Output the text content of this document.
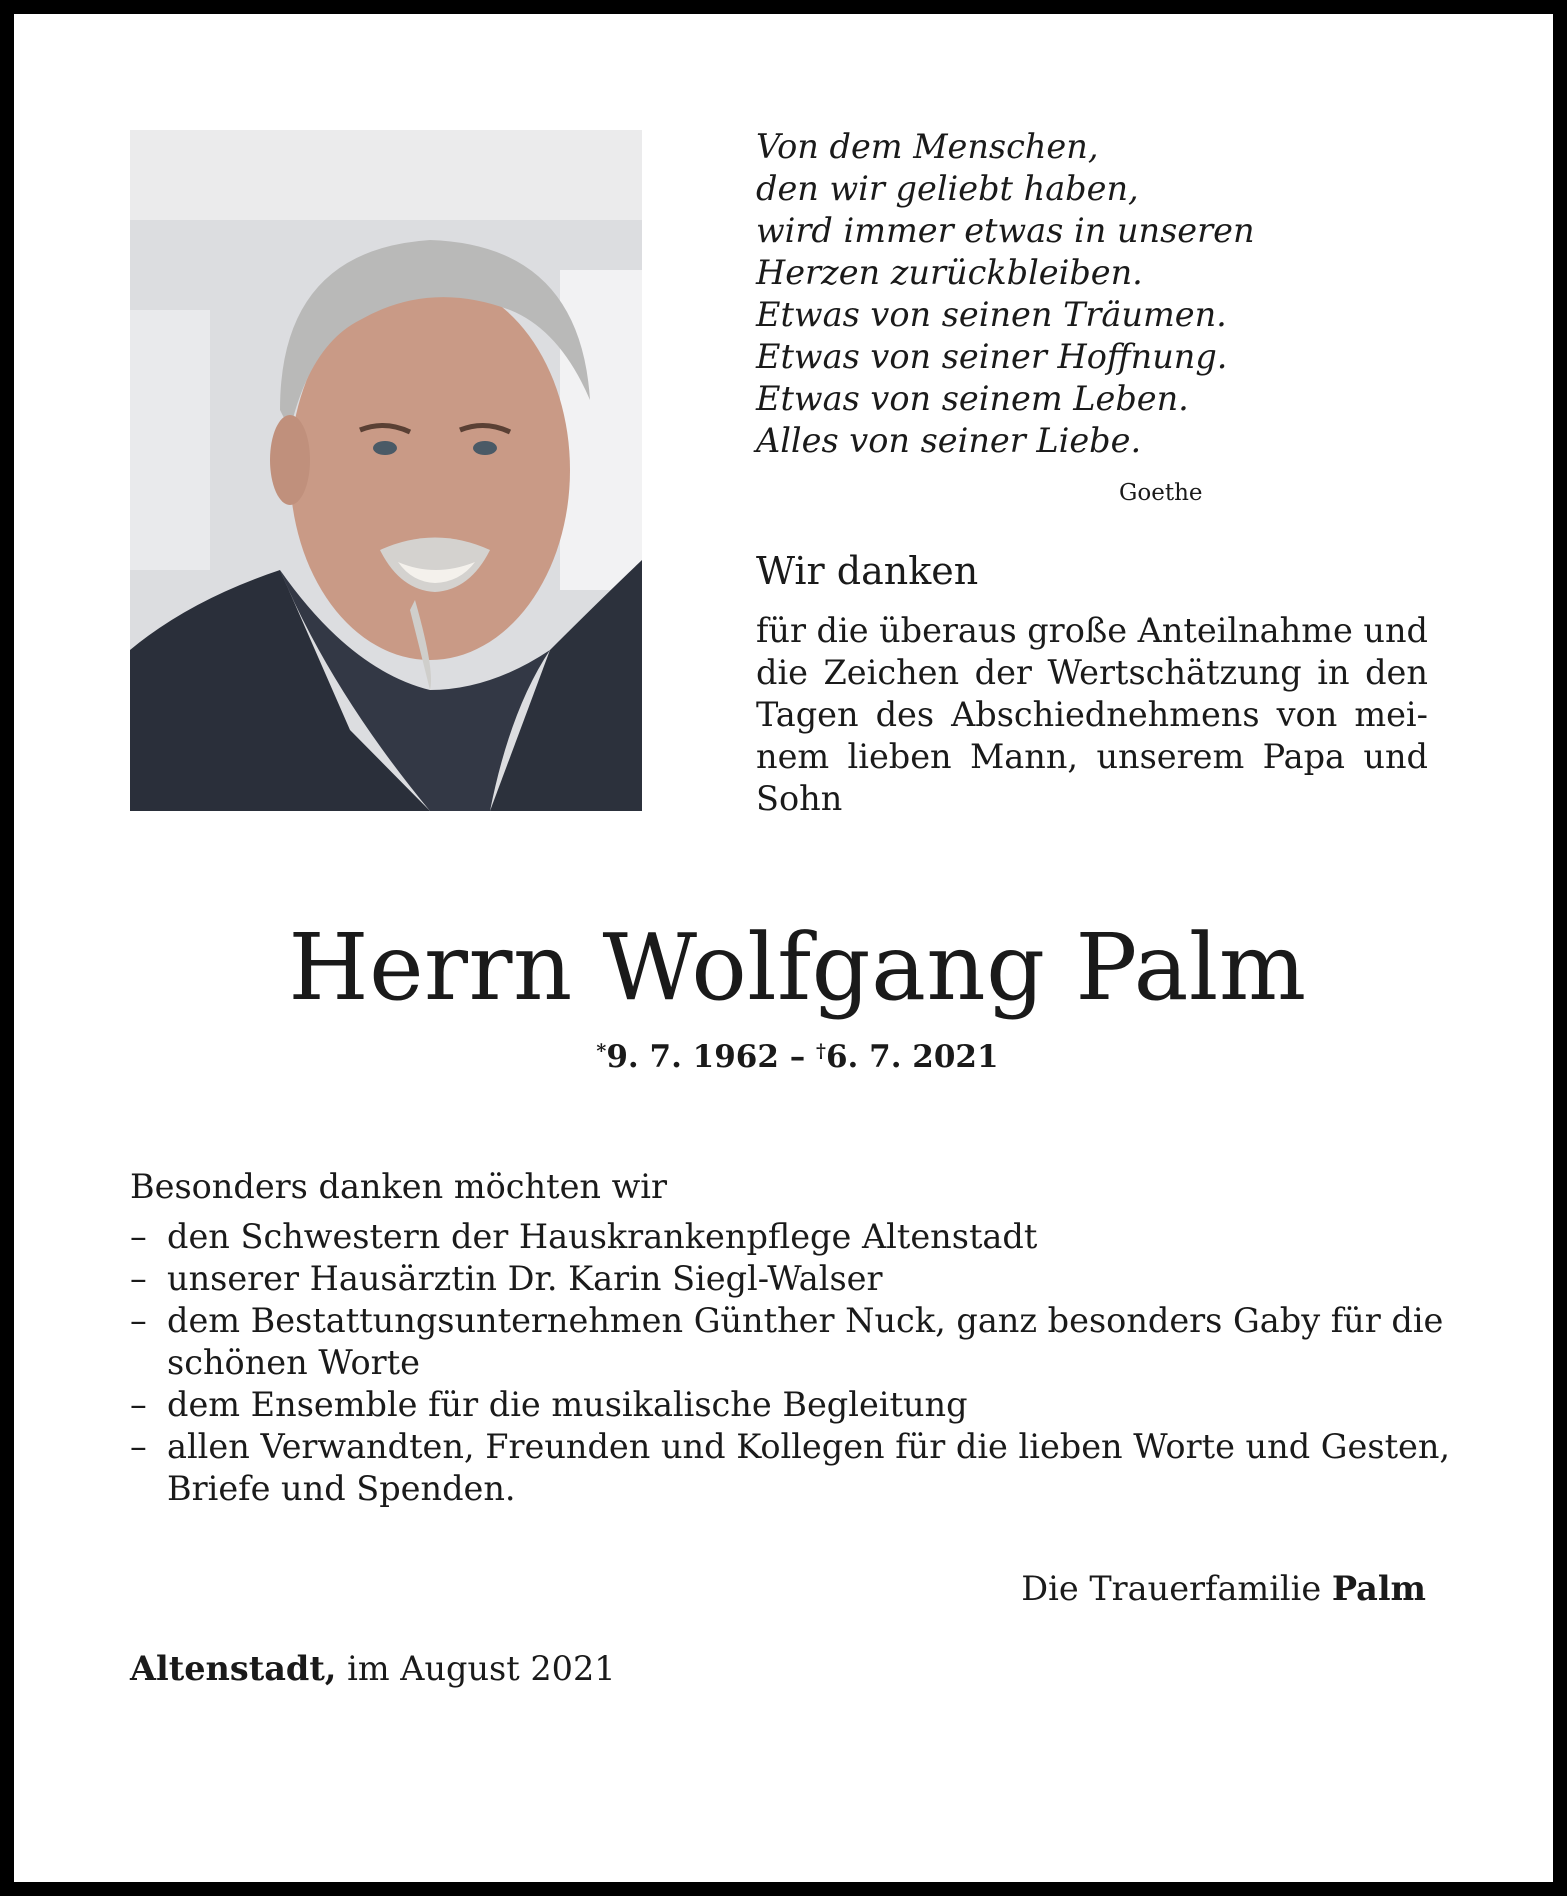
Von dem Menschen,
den wir geliebt haben,
wird immer etwas in unseren
Herzen zurückbleiben.
Etwas von seinen Träumen.
Etwas von seiner Hoffnung.
Etwas von seinem Leben.
Alles von seiner Liebe.
Goethe
Wir danken
für die überaus große Anteilnahme und
die Zeichen der Wertschätzung in den
Tagen des Abschiednehmens von mei-
nem lieben Mann, unserem Papa und
Sohn
Herrn Wolfgang Palm
*9. 7. 1962 – †6. 7. 2021
Besonders danken möchten wir
– den Schwestern der Hauskrankenpflege Altenstadt
– unserer Hausärztin Dr. Karin Siegl-Walser
– dem Bestattungsunternehmen Günther Nuck, ganz besonders Gaby für die
schönen Worte
– dem Ensemble für die musikalische Begleitung
– allen Verwandten, Freunden und Kollegen für die lieben Worte und Gesten,
Briefe und Spenden.
Die Trauerfamilie Palm
Altenstadt, im August 2021
